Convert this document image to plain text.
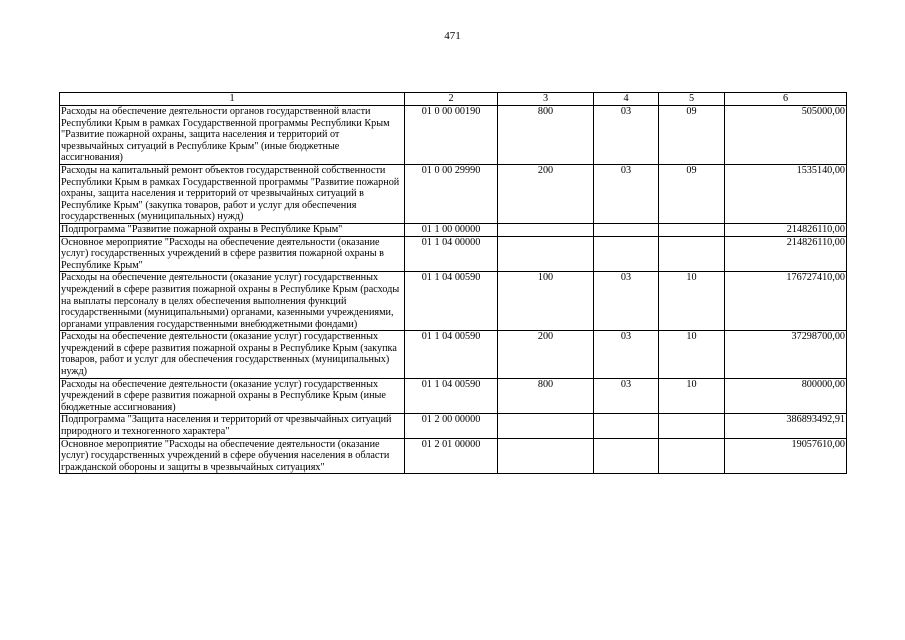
471
1	2	3	4	5	6
Расходы на обеспечение деятельности органов государственной власти Республики Крым в рамках Государственной программы Республики Крым "Развитие пожарной охраны, защита населения и территорий от чрезвычайных ситуаций в Республике Крым" (иные бюджетные ассигнования)	01 0 00 00190	800	03	09	505000,00
Расходы на капитальный ремонт объектов государственной собственности Республики Крым в рамках Государственной программы "Развитие пожарной охраны, защита населения и территорий от чрезвычайных ситуаций в Республике Крым" (закупка товаров, работ и услуг для обеспечения государственных (муниципальных) нужд)	01 0 00 29990	200	03	09	1535140,00
Подпрограмма "Развитие пожарной охраны в Республике Крым"	01 1 00 00000				214826110,00
Основное мероприятие "Расходы на обеспечение деятельности (оказание услуг) государственных учреждений в сфере развития пожарной охраны в Республике Крым"	01 1 04 00000				214826110,00
Расходы на обеспечение деятельности (оказание услуг) государственных учреждений в сфере развития пожарной охраны в Республике Крым (расходы на выплаты персоналу в целях обеспечения выполнения функций государственными (муниципальными) органами, казенными учреждениями, органами управления государственными внебюджетными фондами)	01 1 04 00590	100	03	10	176727410,00
Расходы на обеспечение деятельности (оказание услуг) государственных учреждений в сфере развития пожарной охраны в Республике Крым (закупка товаров, работ и услуг для обеспечения государственных (муниципальных) нужд)	01 1 04 00590	200	03	10	37298700,00
Расходы на обеспечение деятельности (оказание услуг) государственных учреждений в сфере развития пожарной охраны в Республике Крым (иные бюджетные ассигнования)	01 1 04 00590	800	03	10	800000,00
Подпрограмма "Защита населения и территорий от чрезвычайных ситуаций природного и техногенного характера"	01 2 00 00000				386893492,91
Основное мероприятие "Расходы на обеспечение деятельности (оказание услуг) государственных учреждений в сфере обучения населения в области гражданской обороны и защиты в чрезвычайных ситуациях"	01 2 01 00000				19057610,00
